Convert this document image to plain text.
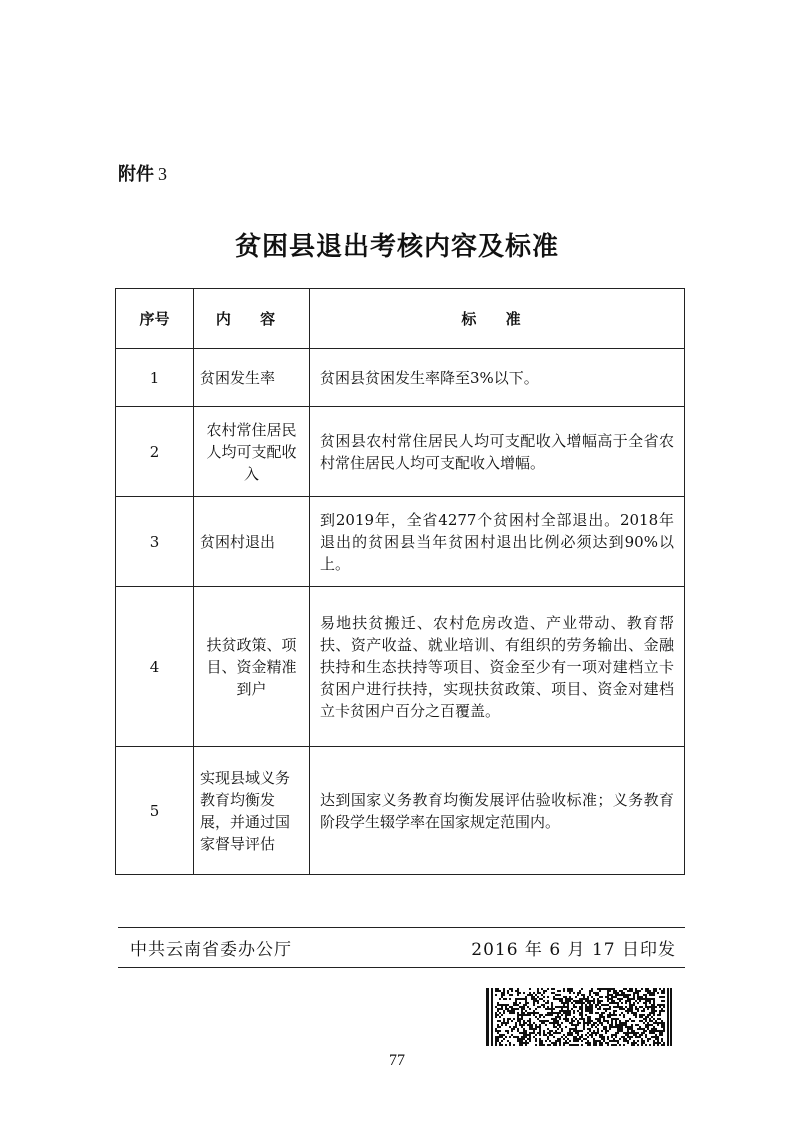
附件 3
贫困县退出考核内容及标准
序号	内 容	标 准
1	贫困发生率	贫困县贫困发生率降至3%以下。
2	农村常住居民人均可支配收入	贫困县农村常住居民人均可支配收入增幅高于全省农村常住居民人均可支配收入增幅。
3	贫困村退出	到2019年，全省4277个贫困村全部退出。2018年退出的贫困县当年贫困村退出比例必须达到90%以上。
4	扶贫政策、项目、资金精准到户	易地扶贫搬迁、农村危房改造、产业带动、教育帮扶、资产收益、就业培训、有组织的劳务输出、金融扶持和生态扶持等项目、资金至少有一项对建档立卡贫困户进行扶持，实现扶贫政策、项目、资金对建档立卡贫困户百分之百覆盖。
5	实现县域义务教育均衡发展，并通过国家督导评估	达到国家义务教育均衡发展评估验收标准；义务教育阶段学生辍学率在国家规定范围内。
中共云南省委办公厅	2016 年 6 月 17 日印发
77
